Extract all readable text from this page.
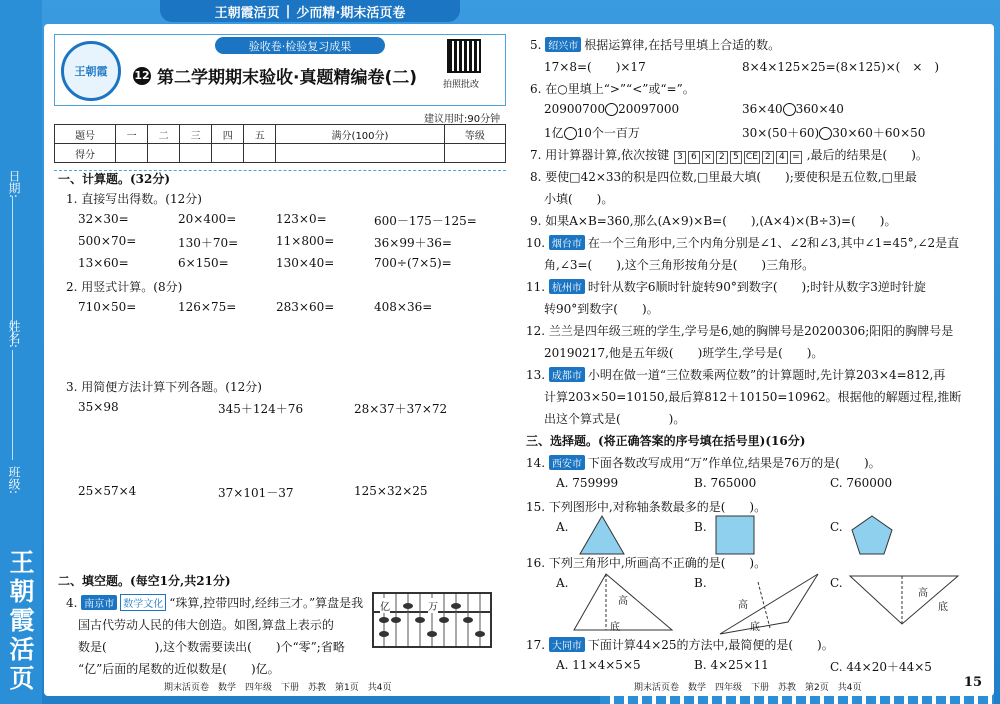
日期:
姓名:
班级:
王朝霞活页
王朝霞活页 | 少而精·期末活页卷
王朝霞
验收卷·检验复习成果
12 第二学期期末验收·真题精编卷(二)	拍照批改
建议用时:90分钟
题号	一	二	三	四	五	满分(100分)	等级
得分							
一、计算题。(32分)
1. 直接写出得数。(12分)
32×30=	20×400=	123×0=	600－175－125=
500×70=	130＋70=	11×800=	36×99＋36=
13×60=	6×150=	130×40=	700÷(7×5)=
2. 用竖式计算。(8分)
710×50=	126×75=	283×60=	408×36=
3. 用简便方法计算下列各题。(12分)
35×98	345＋124＋76	28×37＋37×72
25×57×4	37×101－37	125×32×25
二、填空题。(每空1分,共21分)
4. 南京市 数学文化 “珠算,控带四时,经纬三才。”算盘是我
国古代劳动人民的伟大创造。如图,算盘上表示的
数是(　　　　),这个数需要读出(　　)个“零”;省略
“亿”后面的尾数的近似数是(　　)亿。
亿	万
期末活页卷　数学　四年级　下册　苏教　第1页　共4页
5. 绍兴市 根据运算律,在括号里填上合适的数。
17×8=(　　)×17	8×4×125×25=(8×125)×(　×　)
6. 在○里填上“>”“<”或“=”。
20900700 20097000	36×40 360×40
1亿 10个一百万	30×(50＋60) 30×60＋60×50
7. 用计算器计算,依次按键 3 6 × 2 5 CE 2 4 = ,最后的结果是(　　)。
8. 要使□42×33的积是四位数,□里最大填(　　);要使积是五位数,□里最
小填(　　)。
9. 如果A×B=360,那么(A×9)×B=(　　),(A×4)×(B÷3)=(　　)。
10. 烟台市 在一个三角形中,三个内角分别是∠1、∠2和∠3,其中∠1=45°,∠2是直
角,∠3=(　　),这个三角形按角分是(　　)三角形。
11. 杭州市 时针从数字6顺时针旋转90°到数字(　　);时针从数字3逆时针旋
转90°到数字(　　)。
12. 兰兰是四年级三班的学生,学号是6,她的胸牌号是20200306;阳阳的胸牌号是
20190217,他是五年级(　　)班学生,学号是(　　)。
13. 成都市 小明在做一道“三位数乘两位数”的计算题时,先计算203×4=812,再
计算203×50=10150,最后算812＋10150=10962。根据他的解题过程,推断
出这个算式是(　　　　)。
三、选择题。(将正确答案的序号填在括号里)(16分)
14. 西安市 下面各数改写成用“万”作单位,结果是76万的是(　　)。
A. 759999	B. 765000	C. 760000
15. 下列图形中,对称轴条数最多的是(　　)。
A.	B.	C.
16. 下列三角形中,所画高不正确的是(　　)。
A.
高
底
B.
高
底
C.
高
底
17. 大同市 下面计算44×25的方法中,最简便的是(　　)。
A. 11×4×5×5	B. 4×25×11	C. 44×20＋44×5
期末活页卷　数学　四年级　下册　苏教　第2页　共4页	15
